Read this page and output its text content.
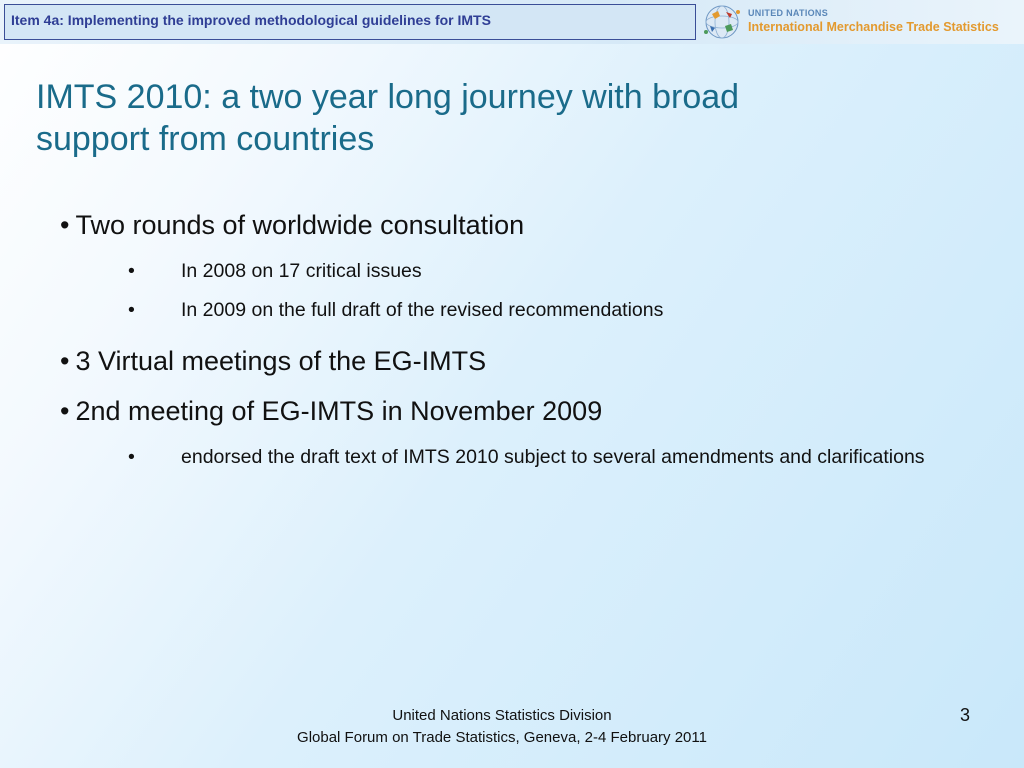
Item 4a: Implementing the improved methodological guidelines for IMTS	UNITED NATIONS
International Merchandise Trade Statistics
IMTS 2010: a two year long journey with broad
support from countries

• Two rounds of worldwide consultation

• In 2008 on 17 critical issues

• In 2009 on the full draft of the revised recommendations

• 3 Virtual meetings of the EG-IMTS

• 2nd meeting of EG-IMTS in November 2009

• endorsed the draft text of IMTS 2010 subject to several amendments and clarifications

United Nations Statistics Division
Global Forum on Trade Statistics, Geneva, 2-4 February 2011
3
